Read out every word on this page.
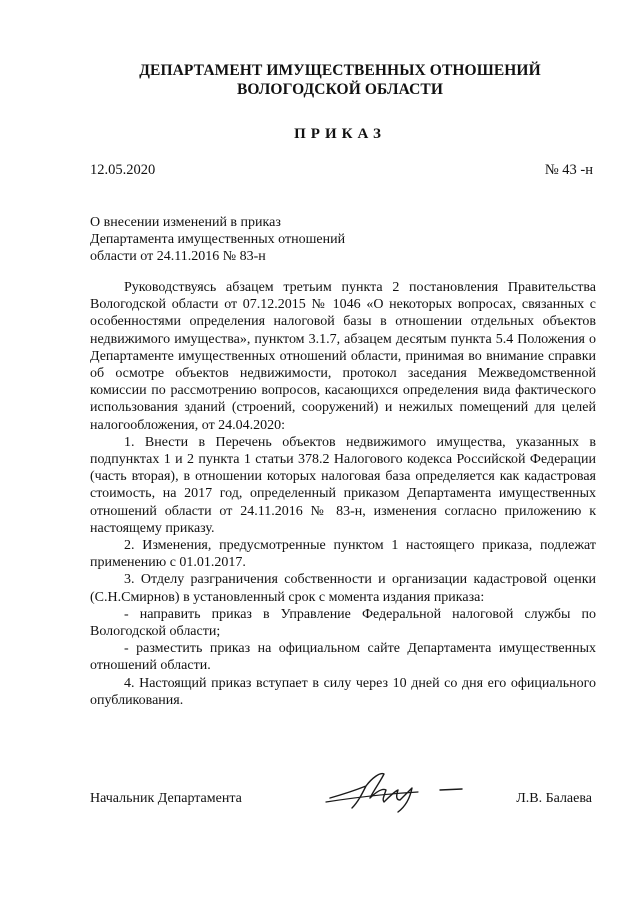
ДЕПАРТАМЕНТ ИМУЩЕСТВЕННЫХ ОТНОШЕНИЙ
ВОЛОГОДСКОЙ ОБЛАСТИ
ПРИКАЗ
12.05.2020	№ 43 -н
О внесении изменений в приказ
Департамента имущественных отношений
области от 24.11.2016 № 83-н

Руководствуясь абзацем третьим пункта 2 постановления Правительства Вологодской области от 07.12.2015 № 1046 «О некоторых вопросах, связанных с особенностями определения налоговой базы в отношении отдельных объектов недвижимого имущества», пунктом 3.1.7, абзацем десятым пункта 5.4 Положения о Департаменте имущественных отношений области, принимая во внимание справки об осмотре объектов недвижимости, протокол заседания Межведомственной комиссии по рассмотрению вопросов, касающихся определения вида фактического использования зданий (строений, сооружений) и нежилых помещений для целей налогообложения, от 24.04.2020:

1. Внести в Перечень объектов недвижимого имущества, указанных в подпунктах 1 и 2 пункта 1 статьи 378.2 Налогового кодекса Российской Федерации (часть вторая), в отношении которых налоговая база определяется как кадастровая стоимость, на 2017 год, определенный приказом Департамента имущественных отношений области от 24.11.2016 № 83-н, изменения согласно приложению к настоящему приказу.

2. Изменения, предусмотренные пунктом 1 настоящего приказа, подлежат применению с 01.01.2017.

3. Отделу разграничения собственности и организации кадастровой оценки (С.Н.Смирнов) в установленный срок с момента издания приказа:

- направить приказ в Управление Федеральной налоговой службы по Вологодской области;

- разместить приказ на официальном сайте Департамента имущественных отношений области.

4. Настоящий приказ вступает в силу через 10 дней со дня его официального опубликования.

Начальник Департамента	Л.В. Балаева
